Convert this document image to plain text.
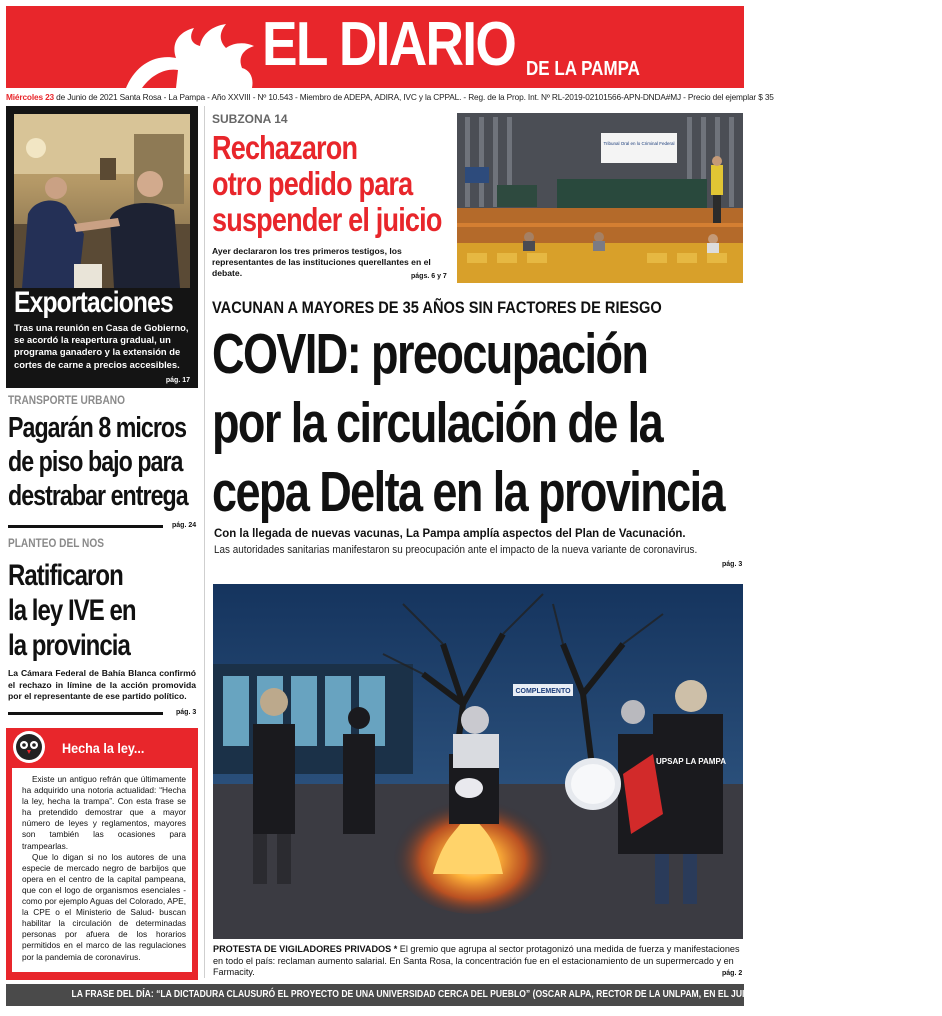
EL DIARIO DE LA PAMPA
Miércoles 23 de Junio de 2021 Santa Rosa - La Pampa - Año XXVIII - Nº 10.543 - Miembro de ADEPA, ADIRA, IVC y la CPPAL. - Reg. de la Prop. Int. Nº RL-2019-02101566-APN-DNDA#MJ - Precio del ejemplar $ 35
Exportaciones
Tras una reunión en Casa de Gobierno, se acordó la reapertura gradual, un programa ganadero y la extensión de cortes de carne a precios accesibles.
pág. 17
TRANSPORTE URBANO
Pagarán 8 micros
de piso bajo para
destrabar entrega
pág. 24
PLANTEO DEL NOS
Ratificaron
la ley IVE en
la provincia
La Cámara Federal de Bahía Blanca confirmó el rechazo in límine de la acción promovida por el representante de ese partido político.
pág. 3
Hecha la ley...

Existe un antiguo refrán que últimamente ha adquirido una notoria actualidad: “Hecha la ley, hecha la trampa”. Con esta frase se ha pretendido demostrar que a mayor número de leyes y reglamentos, mayores son también las ocasiones para trampearlas.

Que lo digan si no los autores de una especie de mercado negro de barbijos que opera en el centro de la capital pampeana, que con el logo de organismos esenciales -como por ejemplo Aguas del Colorado, APE, la CPE o el Ministerio de Salud- buscan habilitar la circulación de determinadas personas por afuera de los horarios permitidos en el marco de las regulaciones por la pandemia de coronavirus.

SUBZONA 14
Rechazaron
otro pedido para
suspender el juicio
Ayer declararon los tres primeros testigos, los representantes de las instituciones querellantes en el debate.	págs. 6 y 7
Tribunal Oral en lo Criminal Federal
VACUNAN A MAYORES DE 35 AÑOS SIN FACTORES DE RIESGO
COVID: preocupación
por la circulación de la
cepa Delta en la provincia
Con la llegada de nuevas vacunas, La Pampa amplía aspectos del Plan de Vacunación.
Las autoridades sanitarias manifestaron su preocupación ante el impacto de la nueva variante de coronavirus.
pág. 3
COMPLEMENTO
UPSAP LA PAMPA
PROTESTA DE VIGILADORES PRIVADOS * El gremio que agrupa al sector protagonizó una medida de fuerza y manifestaciones en todo el país: reclaman aumento salarial. En Santa Rosa, la concentración fue en el estacionamiento de un supermercado y en Farmacity.	pág. 2
LA FRASE DEL DÍA: “LA DICTADURA CLAUSURÓ EL PROYECTO DE UNA UNIVERSIDAD CERCA DEL PUEBLO” (OSCAR ALPA, RECTOR DE LA UNLPAM, EN EL JUICIO DE LA SUBZONA 14). pág. 7
